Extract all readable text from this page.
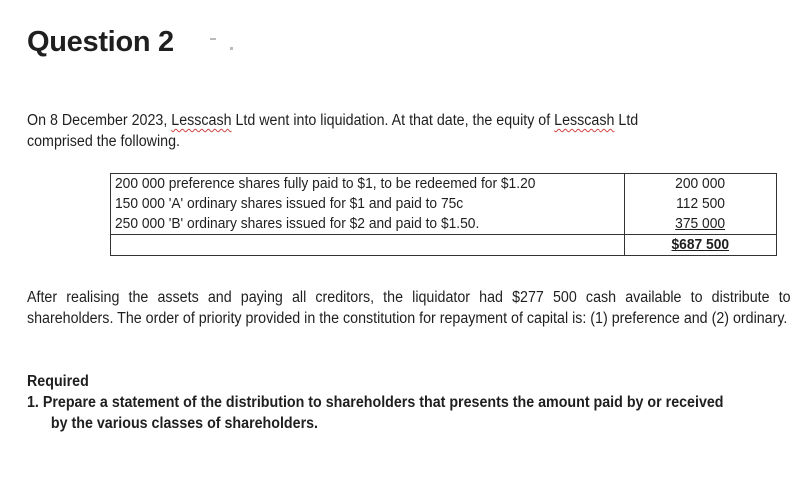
Question 2
On 8 December 2023, Lesscash Ltd went into liquidation. At that date, the equity of Lesscash Ltd
comprised the following.
200 000 preference shares fully paid to $1, to be redeemed for $1.20	200 000
150 000 'A' ordinary shares issued for $1 and paid to 75c	112 500
250 000 'B' ordinary shares issued for $2 and paid to $1.50.	375 000
	$687 500
After realising the assets and paying all creditors, the liquidator had $277 500 cash available to distribute to shareholders. The order of priority provided in the constitution for repayment of capital is: (1) preference and (2) ordinary.
Required
1. Prepare a statement of the distribution to shareholders that presents the amount paid by or received
by the various classes of shareholders.
